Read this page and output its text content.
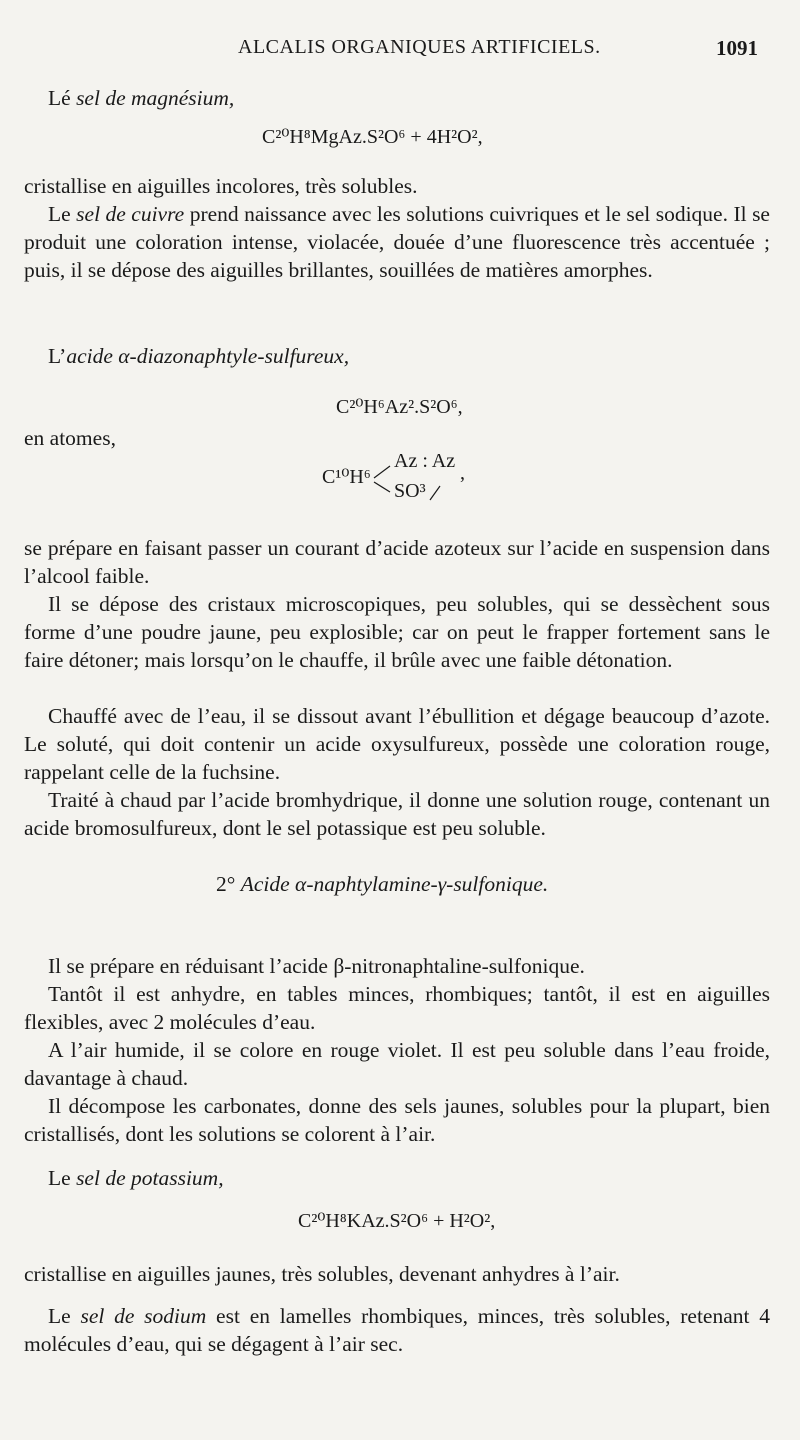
ALCALIS ORGANIQUES ARTIFICIELS.	1091
Lé sel de magnésium,
C²⁰H⁸MgAz.S²O⁶ + 4H²O²,
cristallise en aiguilles incolores, très solubles.
Le sel de cuivre prend naissance avec les solutions cuivriques et le sel sodique. Il se produit une coloration intense, violacée, douée d’une fluorescence très accentuée ; puis, il se dépose des aiguilles brillantes, souillées de matières amorphes.
L’acide α-diazonaphtyle-sulfureux,
C²⁰H⁶Az².S²O⁶,
en atomes,
C¹⁰H⁶
Az : Az
SO³
,
se prépare en faisant passer un courant d’acide azoteux sur l’acide en suspension dans l’alcool faible.
Il se dépose des cristaux microscopiques, peu solubles, qui se dessèchent sous forme d’une poudre jaune, peu explosible; car on peut le frapper fortement sans le faire détoner; mais lorsqu’on le chauffe, il brûle avec une faible détonation.
Chauffé avec de l’eau, il se dissout avant l’ébullition et dégage beaucoup d’azote. Le soluté, qui doit contenir un acide oxysulfureux, possède une coloration rouge, rappelant celle de la fuchsine.
Traité à chaud par l’acide bromhydrique, il donne une solution rouge, contenant un acide bromosulfureux, dont le sel potassique est peu soluble.
2° Acide α-naphtylamine-γ-sulfonique.
Il se prépare en réduisant l’acide β-nitronaphtaline-sulfonique.
Tantôt il est anhydre, en tables minces, rhombiques; tantôt, il est en aiguilles flexibles, avec 2 molécules d’eau.
A l’air humide, il se colore en rouge violet. Il est peu soluble dans l’eau froide, davantage à chaud.
Il décompose les carbonates, donne des sels jaunes, solubles pour la plupart, bien cristallisés, dont les solutions se colorent à l’air.
Le sel de potassium,
C²⁰H⁸KAz.S²O⁶ + H²O²,
cristallise en aiguilles jaunes, très solubles, devenant anhydres à l’air.
Le sel de sodium est en lamelles rhombiques, minces, très solubles, retenant 4 molécules d’eau, qui se dégagent à l’air sec.
